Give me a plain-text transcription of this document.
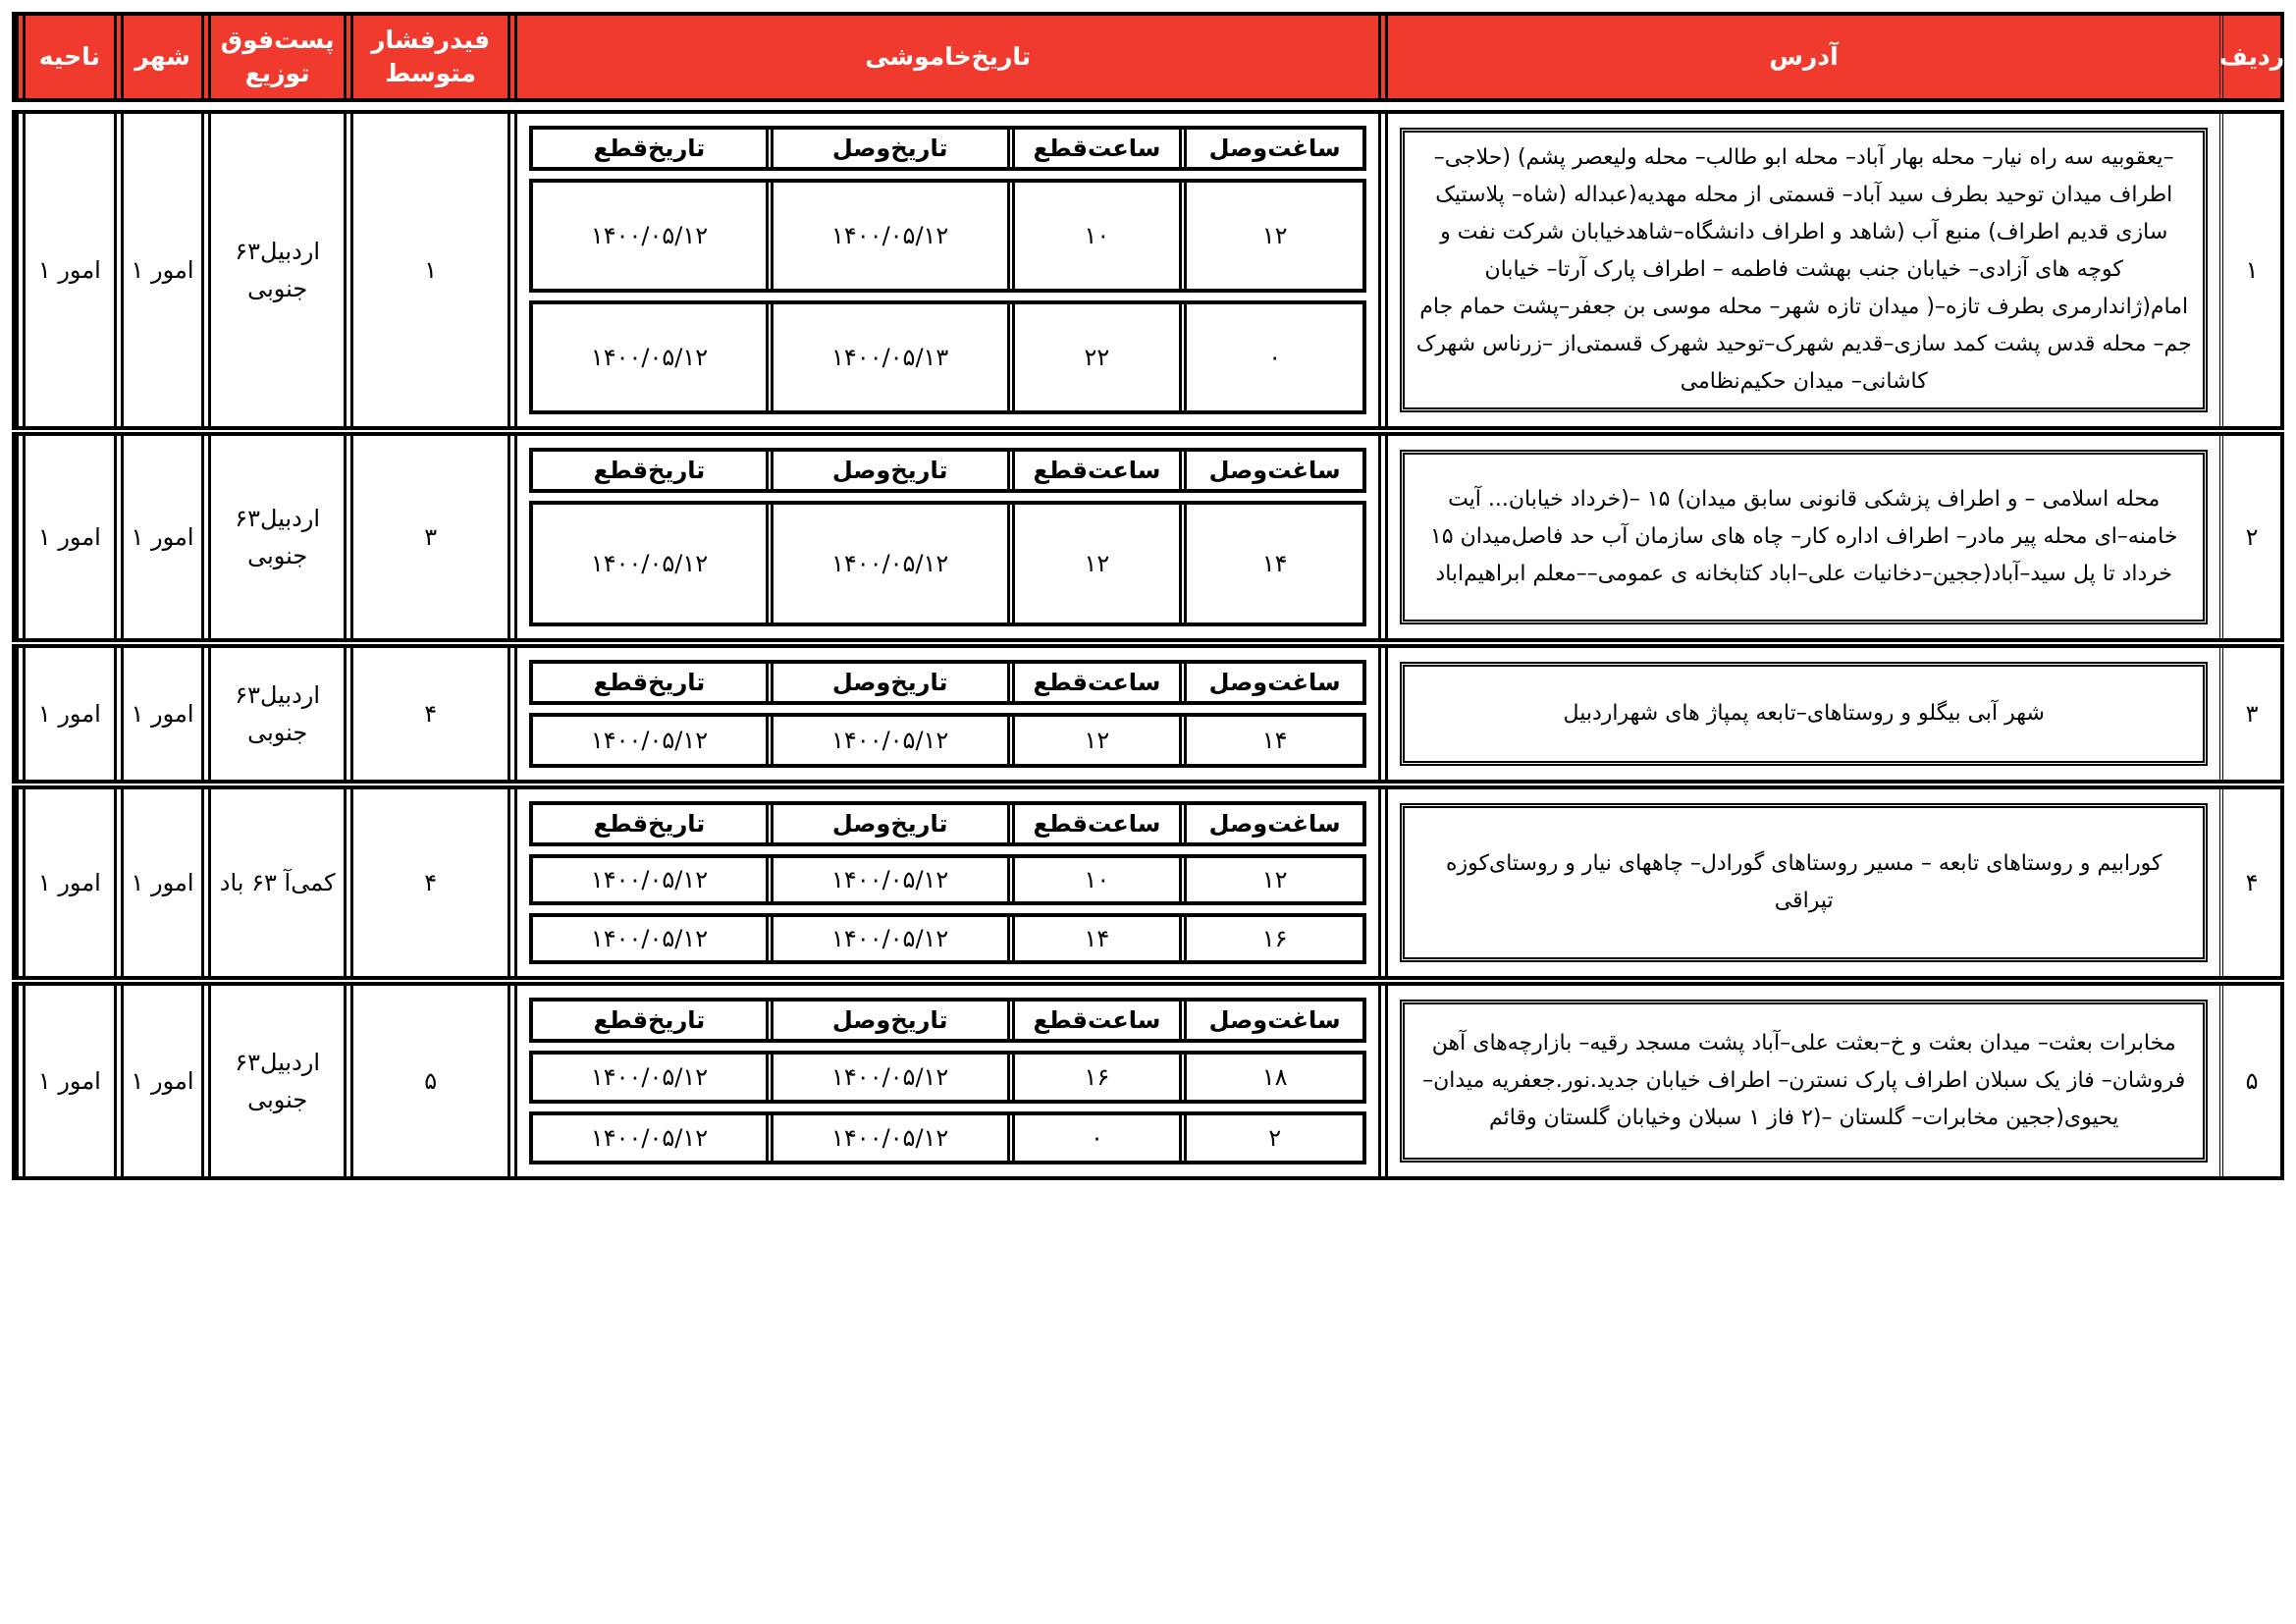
ردیف
آدرس
تاریخ‌خاموشی
فیدرفشار
متوسط
پست‌فوق
توزیع
شهر
ناحیه
۱
–یعقوبیه سه راه نیار– محله بهار آباد– محله ابو طالب– محله ولیعصر پشم) (حلاجی– اطراف میدان توحید بطرف سید آباد– قسمتی از محله مهدیه(عبداله (شاه– پلاستیک سازی قدیم اطراف) منبع آب (شاهد و اطراف دانشگاه–شاهدخیابان شرکت نفت و کوچه های آزادی– خیابان جنب بهشت فاطمه – اطراف پارک آرتا– خیابان امام(ژاندارمری بطرف تازه–( میدان تازه شهر– محله موسی بن جعفر–پشت حمام جام جم– محله قدس پشت کمد سازی–قدیم شهرک–توحید شهرک قسمتی‌از –زرناس شهرک کاشانی– میدان حکیم‌نظامی
ساغت‌وصل
ساعت‌قطع
تاریخ‌وصل
تاریخ‌قطع
۱۲
۱۰
۱۴۰۰/۰۵/۱۲
۱۴۰۰/۰۵/۱۲
۰
۲۲
۱۴۰۰/۰۵/۱۳
۱۴۰۰/۰۵/۱۲
۱
اردبیل۶۳ جنوبی
امور ۱
امور ۱
۲
محله اسلامی – و اطراف پزشکی قانونی سابق میدان) ۱۵ –(خرداد خیابان... آیت خامنه–ای محله پیر مادر– اطراف اداره کار– چاه های سازمان آب حد فاصل‌میدان ۱۵ خرداد تا پل سید–آباد(ججین–دخانیات علی–اباد کتابخانه ی عمومی––معلم ابراهیم‌اباد
ساغت‌وصل
ساعت‌قطع
تاریخ‌وصل
تاریخ‌قطع
۱۴
۱۲
۱۴۰۰/۰۵/۱۲
۱۴۰۰/۰۵/۱۲
۳
اردبیل۶۳ جنوبی
امور ۱
امور ۱
۳
شهر آبی بیگلو و روستاهای–تابعه پمپاژ های شهراردبیل
ساغت‌وصل
ساعت‌قطع
تاریخ‌وصل
تاریخ‌قطع
۱۴
۱۲
۱۴۰۰/۰۵/۱۲
۱۴۰۰/۰۵/۱۲
۴
اردبیل۶۳ جنوبی
امور ۱
امور ۱
۴
کورابیم و روستاهای تابعه – مسیر روستاهای گورادل– چاههای نیار و روستای‌کوزه تپراقی
ساغت‌وصل
ساعت‌قطع
تاریخ‌وصل
تاریخ‌قطع
۱۲
۱۰
۱۴۰۰/۰۵/۱۲
۱۴۰۰/۰۵/۱۲
۱۶
۱۴
۱۴۰۰/۰۵/۱۲
۱۴۰۰/۰۵/۱۲
۴
کمی‌آ ۶۳ باد
امور ۱
امور ۱
۵
مخابرات بعثت– میدان بعثت و خ–بعثت علی–آباد پشت مسجد رقیه– بازارچه‌های آهن فروشان– فاز یک سبلان اطراف پارک نسترن– اطراف خیابان جدید.نور.جعفریه میدان–یحیوی(ججین مخابرات– گلستان –(۲ فاز ۱ سبلان وخیابان گلستان وقائم
ساغت‌وصل
ساعت‌قطع
تاریخ‌وصل
تاریخ‌قطع
۱۸
۱۶
۱۴۰۰/۰۵/۱۲
۱۴۰۰/۰۵/۱۲
۲
۰
۱۴۰۰/۰۵/۱۲
۱۴۰۰/۰۵/۱۲
۵
اردبیل۶۳ جنوبی
امور ۱
امور ۱
